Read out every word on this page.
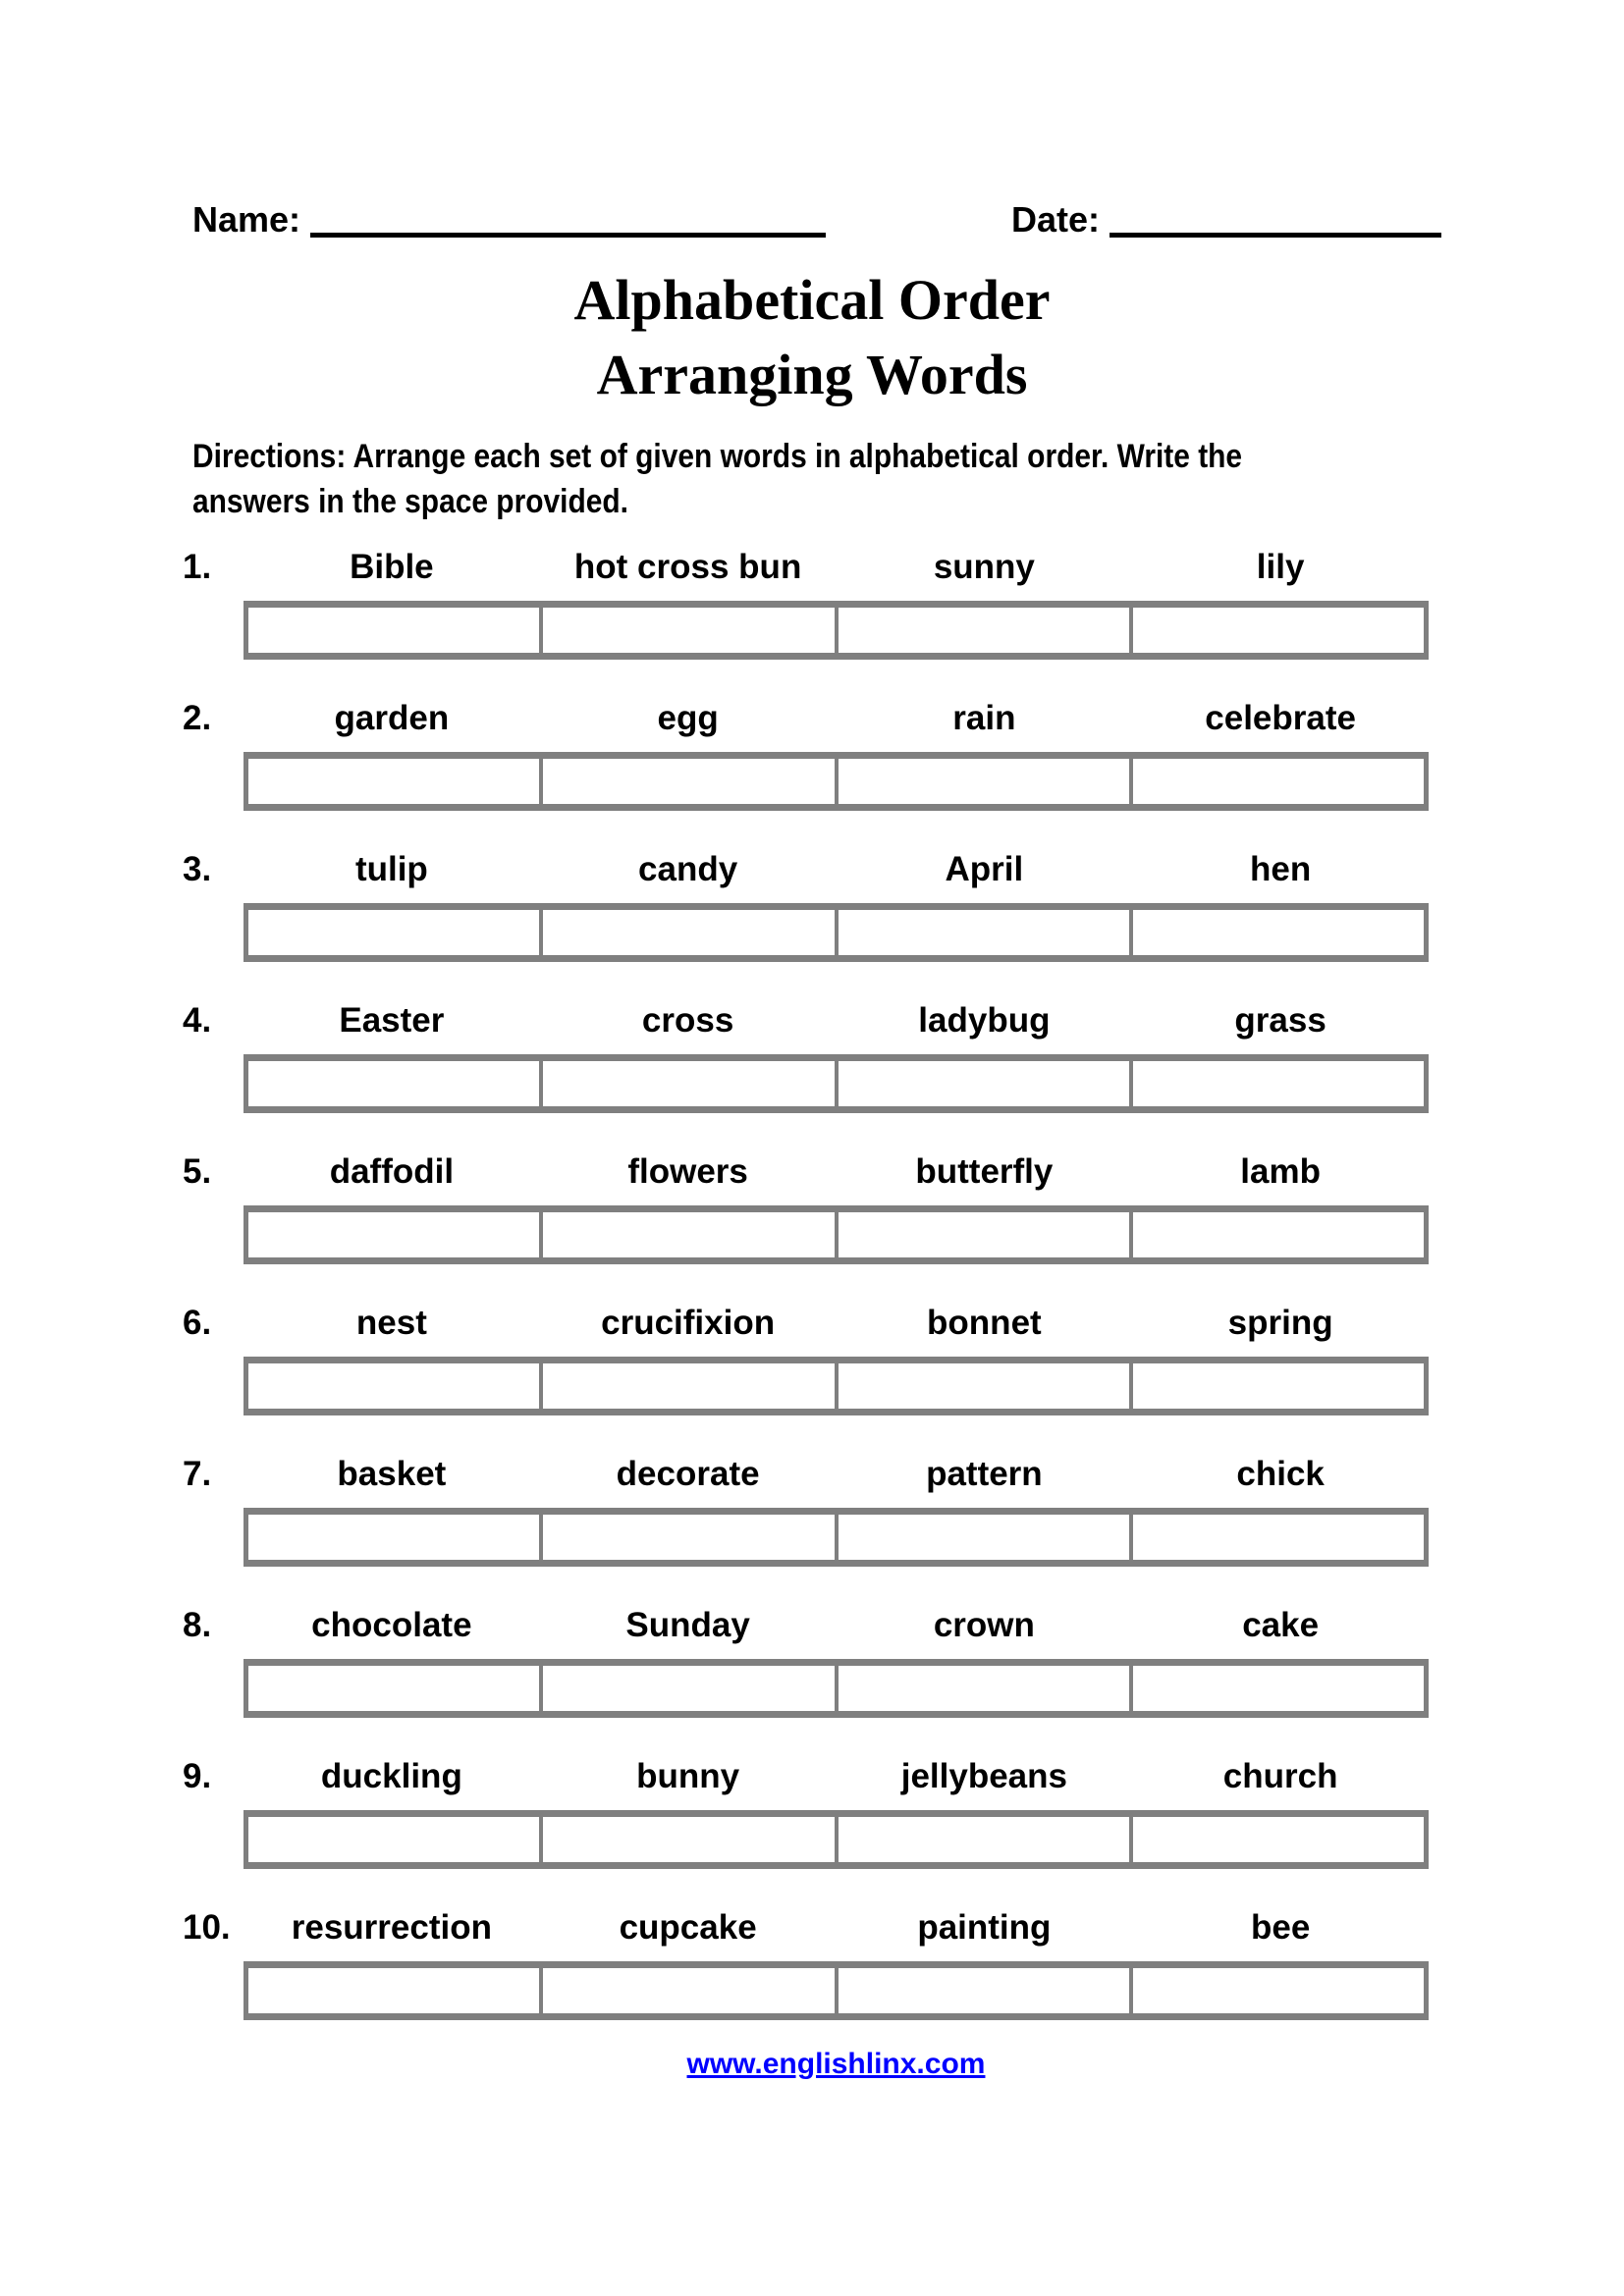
Name:	Date:
Alphabetical Order
Arranging Words
Directions: Arrange each set of given words in alphabetical order. Write the
answers in the space provided.
1.	Bible	hot cross bun	sunny	lily
2.	garden	egg	rain	celebrate
3.	tulip	candy	April	hen
4.	Easter	cross	ladybug	grass
5.	daffodil	flowers	butterfly	lamb
6.	nest	crucifixion	bonnet	spring
7.	basket	decorate	pattern	chick
8.	chocolate	Sunday	crown	cake
9.	duckling	bunny	jellybeans	church
10.	resurrection	cupcake	painting	bee
www.englishlinx.com
